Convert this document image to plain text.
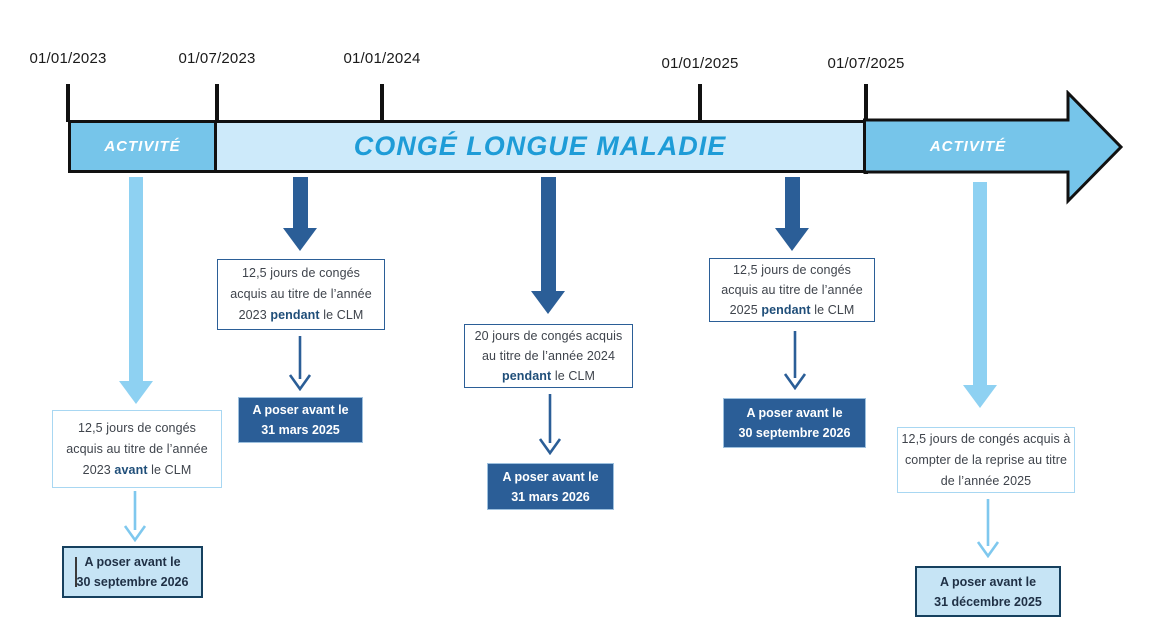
01/01/2023	01/07/2023	01/01/2024	01/01/2025	01/07/2025
ACTIVITÉ	CONGÉ LONGUE MALADIE	ACTIVITÉ
12,5 jours de congés
acquis au titre de l’année
2023 avant le CLM
A poser avant le
30 septembre 2026
12,5 jours de congés
acquis au titre de l’année
2023 pendant le CLM
A poser avant le
31 mars 2025
20 jours de congés acquis
au titre de l’année 2024
pendant le CLM
A poser avant le
31 mars 2026
12,5 jours de congés
acquis au titre de l’année
2025 pendant le CLM
A poser avant le
30 septembre 2026	12,5 jours de congés acquis à
compter de la reprise au titre
de l’année 2025
A poser avant le
31 décembre 2025
